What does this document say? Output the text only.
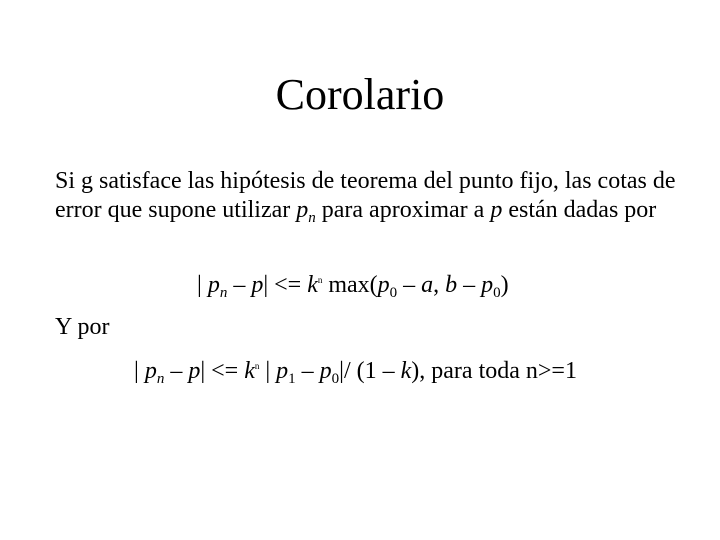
Corolario
Si g satisface las hipótesis de teorema del punto fijo, las cotas de error que supone utilizar $p_n$ para aproximar a p están dadas por
| $p_n - p| <= k^n$ $\max(p_0$ – a, b – $p_0$)
Y por
| $p_n - p| <= k^n$ | $p_1 - p_0|/$ (1 – k), para toda n>=1
